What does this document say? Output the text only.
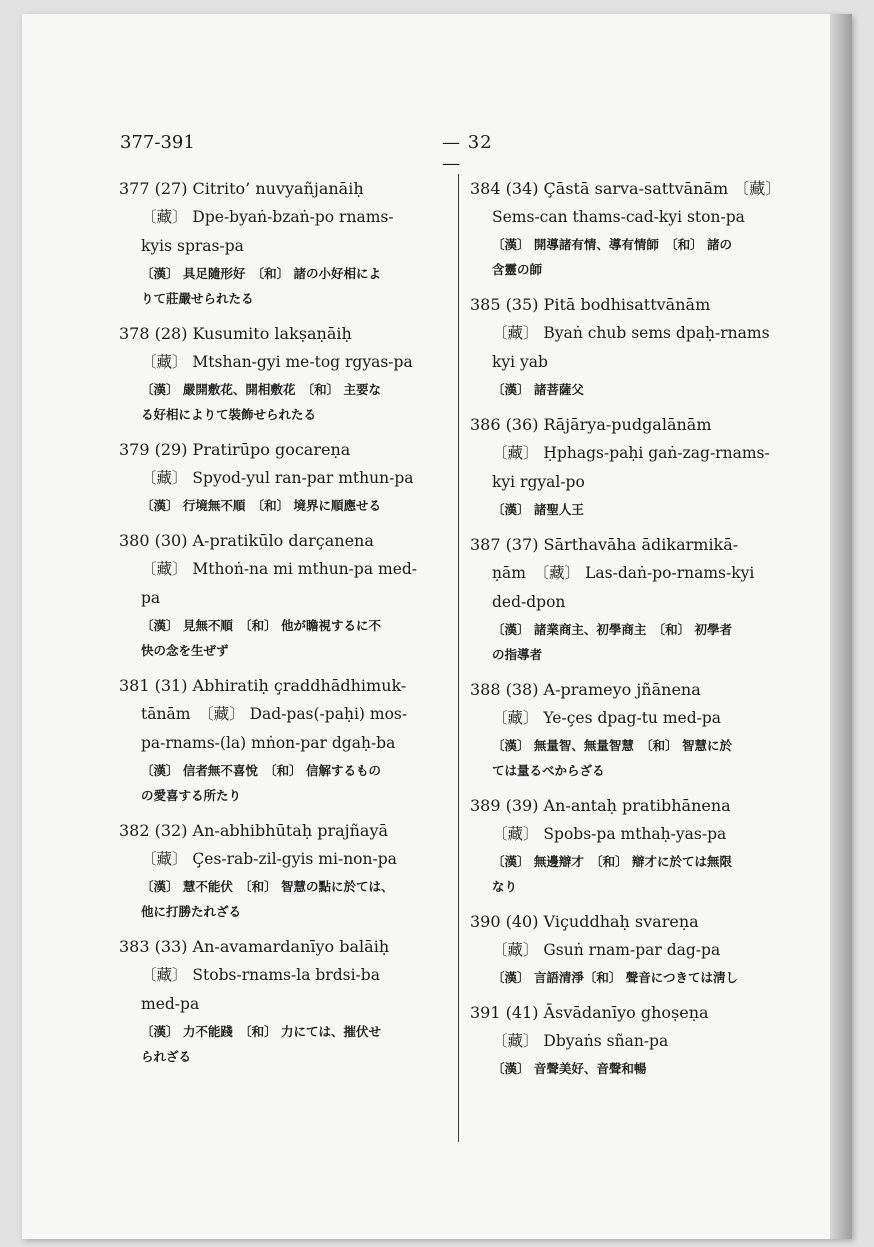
377-391	— 32 —
377 (27) Citrito’ nuvyañjanāiḥ
〔藏〕 Dpe-byaṅ-bzaṅ-po rnams-
kyis spras-pa
〔漢〕 具足隨形好　〔和〕 諸の小好相によ
りて莊嚴せられたる
378 (28) Kusumito lakṣaṇāiḥ
〔藏〕 Mtshan-gyi me-tog rgyas-pa
〔漢〕 嚴開敷花、開相敷花　〔和〕 主要な
る好相によりて裝飾せられたる
379 (29) Pratirūpo gocareṇa
〔藏〕 Spyod-yul ran-par mthun-pa
〔漢〕 行境無不順　〔和〕 境界に順應せる
380 (30) A-pratikūlo darçanena
〔藏〕 Mthoṅ-na mi mthun-pa med-
pa
〔漢〕 見無不順　〔和〕 他が瞻視するに不
快の念を生ぜず
381 (31) Abhiratiḥ çraddhādhimuk-
tānām　〔藏〕 Dad-pas(-paḥi) mos-
pa-rnams-(la) mṅon-par dgaḥ-ba
〔漢〕 信者無不喜悅　〔和〕 信解するもの
の愛喜する所たり
382 (32) An-abhibhūtaḥ prajñayā
〔藏〕 Çes-rab-zil-gyis mi-non-pa
〔漢〕 慧不能伏　〔和〕 智慧の點に於ては、
他に打勝たれざる
383 (33) An-avamardanīyo balāiḥ
〔藏〕 Stobs-rnams-la brdsi-ba
med-pa
〔漢〕 力不能踐　〔和〕 力にては、摧伏せ
られざる
384 (34) Çāstā sarva-sattvānām 〔藏〕
Sems-can thams-cad-kyi ston-pa
〔漢〕 開導諸有情、導有情師　〔和〕 諸の
含靈の師
385 (35) Pitā bodhisattvānām
〔藏〕 Byaṅ chub sems dpaḥ-rnams
kyi yab
〔漢〕 諸菩薩父
386 (36) Rājārya-pudgalānām
〔藏〕 Ḥphags-paḥi gaṅ-zag-rnams-
kyi rgyal-po
〔漢〕 諸聖人王
387 (37) Sārthavāha ādikarmikā-
ṇām　〔藏〕 Las-daṅ-po-rnams-kyi
ded-dpon
〔漢〕 諸業商主、初學商主　〔和〕 初學者
の指導者
388 (38) A-prameyo jñānena
〔藏〕 Ye-çes dpag-tu med-pa
〔漢〕 無量智、無量智慧　〔和〕 智慧に於
ては量るべからざる
389 (39) An-antaḥ pratibhānena
〔藏〕 Spobs-pa mthaḥ-yas-pa
〔漢〕 無邊辯才　〔和〕 辯才に於ては無限
なり
390 (40) Viçuddhaḥ svareṇa
〔藏〕 Gsuṅ rnam-par dag-pa
〔漢〕 言語清淨〔和〕 聲音につきては淸し
391 (41) Āsvādanīyo ghoṣeṇa
〔藏〕 Dbyaṅs sñan-pa
〔漢〕 音聲美好、音聲和暢
